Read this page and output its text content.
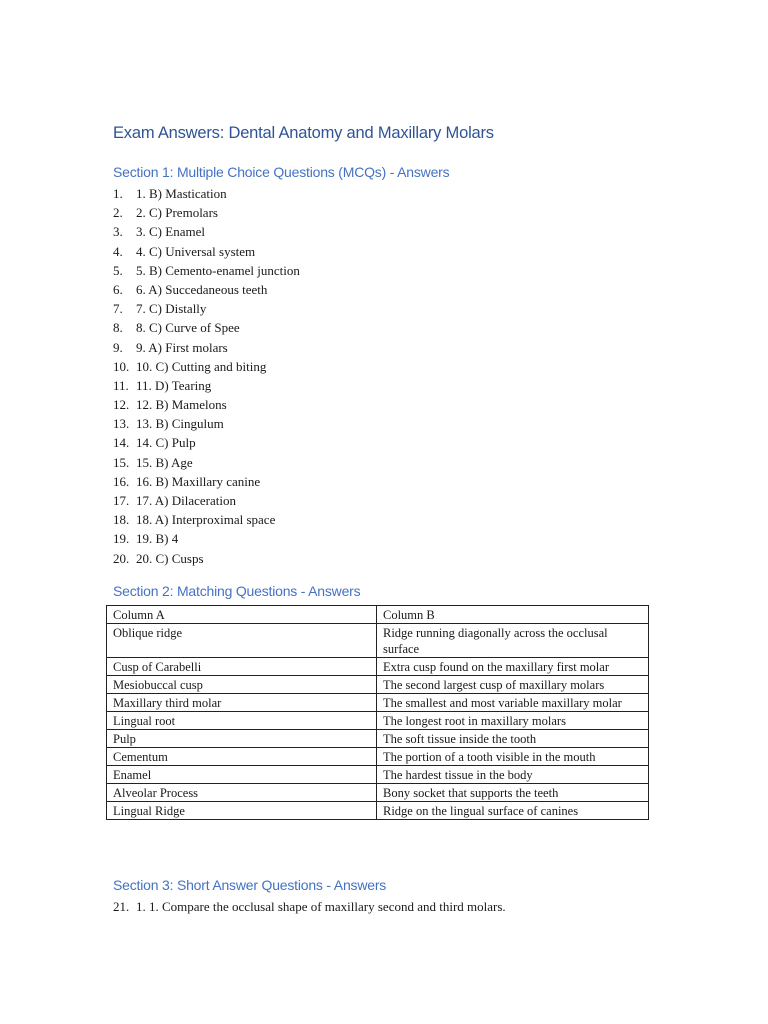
Exam Answers: Dental Anatomy and Maxillary Molars
Section 1: Multiple Choice Questions (MCQs) - Answers
1.	1. B) Mastication
2.	2. C) Premolars
3.	3. C) Enamel
4.	4. C) Universal system
5.	5. B) Cemento-enamel junction
6.	6. A) Succedaneous teeth
7.	7. C) Distally
8.	8. C) Curve of Spee
9.	9. A) First molars
10. 10. C) Cutting and biting
11. 11. D) Tearing
12. 12. B) Mamelons
13. 13. B) Cingulum
14. 14. C) Pulp
15. 15. B) Age
16. 16. B) Maxillary canine
17. 17. A) Dilaceration
18. 18. A) Interproximal space
19. 19. B) 4
20. 20. C) Cusps
Section 2: Matching Questions - Answers
Column A	Column B
Oblique ridge	Ridge running diagonally across the occlusal surface
Cusp of Carabelli	Extra cusp found on the maxillary first molar
Mesiobuccal cusp	The second largest cusp of maxillary molars
Maxillary third molar	The smallest and most variable maxillary molar
Lingual root	The longest root in maxillary molars
Pulp	The soft tissue inside the tooth
Cementum	The portion of a tooth visible in the mouth
Enamel	The hardest tissue in the body
Alveolar Process	Bony socket that supports the teeth
Lingual Ridge	Ridge on the lingual surface of canines
Section 3: Short Answer Questions - Answers
21. 1. 1. Compare the occlusal shape of maxillary second and third molars.
